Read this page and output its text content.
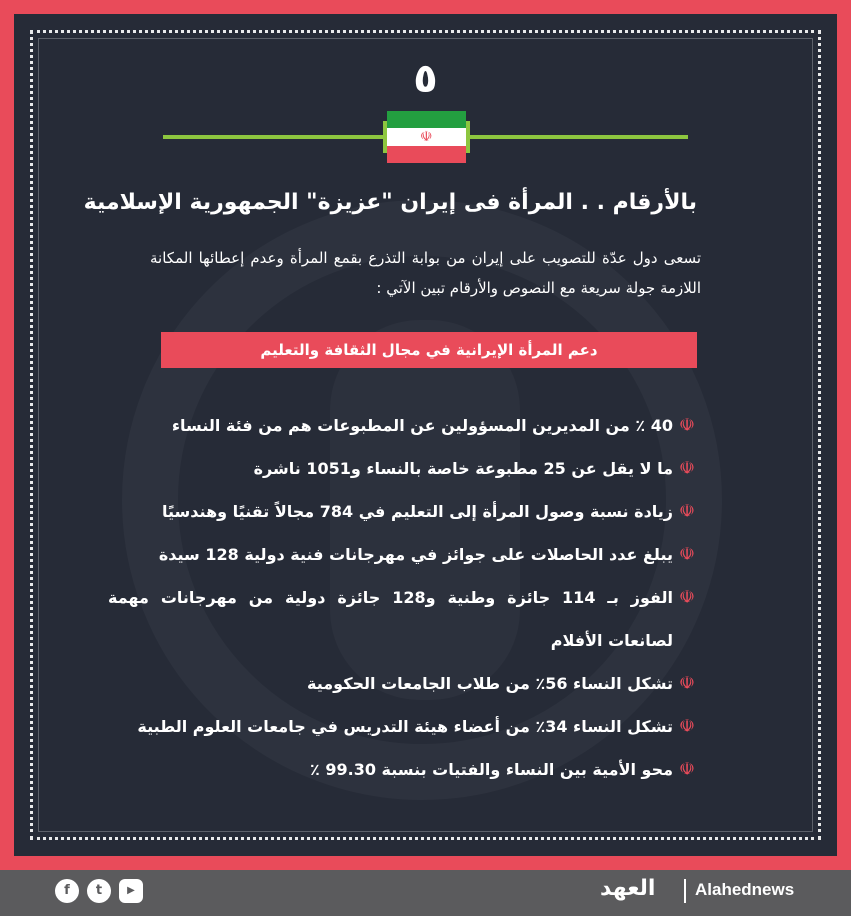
٥
☫
بالأرقام . . المرأة فى إيران "عزيزة" الجمهورية الإسلامية
تسعى دول عدّة للتصويب على إيران من بوابة التذرع بقمع المرأة وعدم إعطائها المكانة اللازمة جولة سريعة مع النصوص والأرقام تبين الآتي :
دعم المرأة الإيرانية في مجال الثقافة والتعليم
☫
40 ٪ من المديرين المسؤولين عن المطبوعات هم من فئة النساء
☫
ما لا يقل عن 25 مطبوعة خاصة بالنساء و1051 ناشرة
☫
زيادة نسبة وصول المرأة إلى التعليم في 784 مجالاً تقنيًا وهندسيًا
☫
يبلغ عدد الحاصلات على جوائز في مهرجانات فنية دولية 128 سيدة
☫
الفوز بـ 114 جائزة وطنية و128 جائزة دولية من مهرجانات مهمة لصانعات الأفلام
☫
تشكل النساء 56٪ من طلاب الجامعات الحكومية
☫
تشكل النساء 34٪ من أعضاء هيئة التدريس في جامعات العلوم الطبية
☫
محو الأمية بين النساء والفتيات بنسبة 99.30 ٪
f	t	▶	العهد Alahednews
